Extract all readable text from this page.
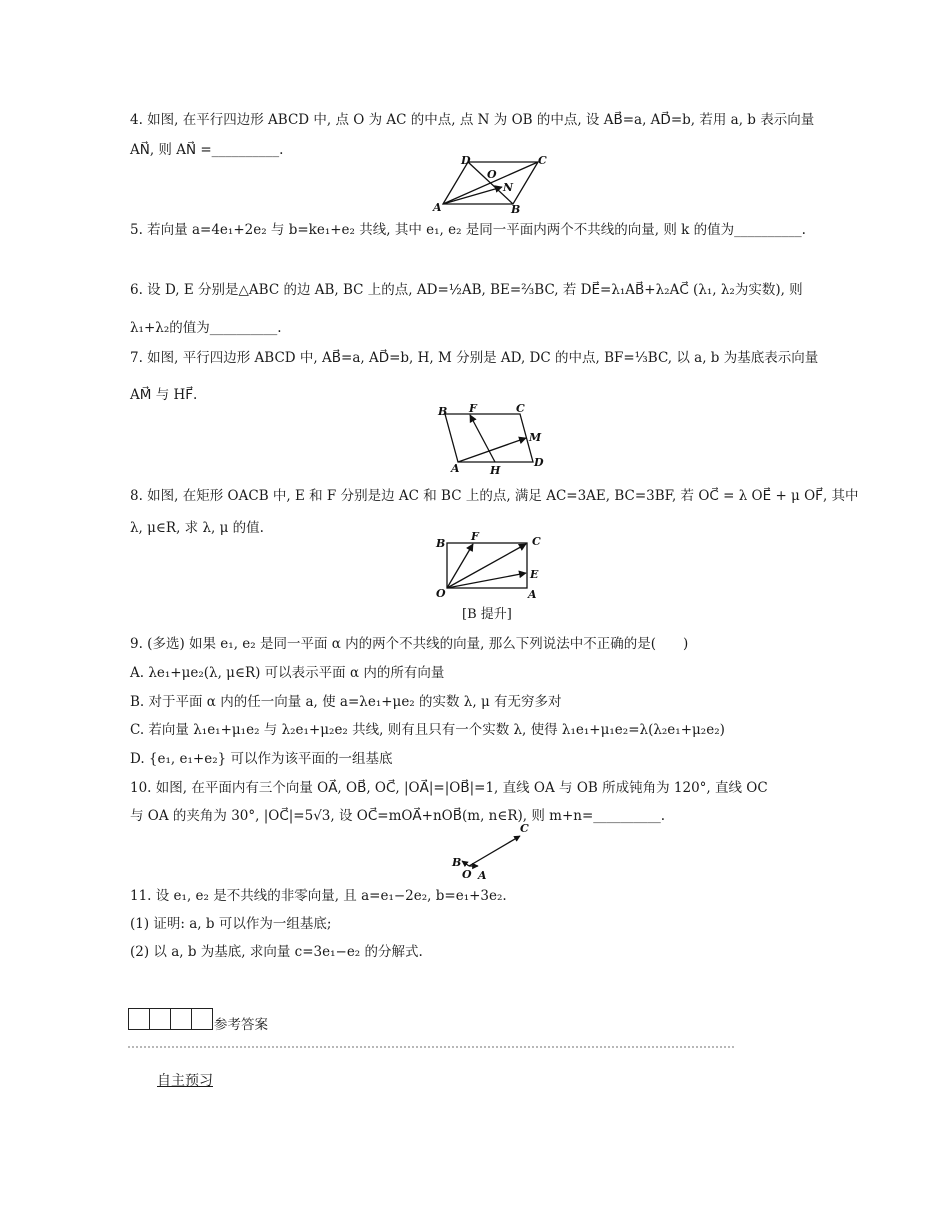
4. 如图, 在平行四边形 ABCD 中, 点 O 为 AC 的中点, 点 N 为 OB 的中点, 设 AB⃗=a, AD⃗=b, 若用 a, b 表示向量
AN⃗, 则 AN⃗ =__________.
A	B
C
D
O
N
5. 若向量 a=4e₁+2e₂ 与 b=ke₁+e₂ 共线, 其中 e₁, e₂ 是同一平面内两个不共线的向量, 则 k 的值为__________.
6. 设 D, E 分别是△ABC 的边 AB, BC 上的点, AD=½AB, BE=⅔BC, 若 DE⃗=λ₁AB⃗+λ₂AC⃗ (λ₁, λ₂为实数), 则
λ₁+λ₂的值为__________.
7. 如图, 平行四边形 ABCD 中, AB⃗=a, AD⃗=b, H, M 分别是 AD, DC 的中点, BF=⅓BC, 以 a, b 为基底表示向量
AM⃗ 与 HF⃗.
A
B	C
D
F
H
M
8. 如图, 在矩形 OACB 中, E 和 F 分别是边 AC 和 BC 上的点, 满足 AC=3AE, BC=3BF, 若 OC⃗ = λ OE⃗ + μ OF⃗, 其中
λ, μ∈R, 求 λ, μ 的值.
O	A
B	C
E
F
[B 提升]
9. (多选) 如果 e₁, e₂ 是同一平面 α 内的两个不共线的向量, 那么下列说法中不正确的是(　　)
A. λe₁+μe₂(λ, μ∈R) 可以表示平面 α 内的所有向量
B. 对于平面 α 内的任一向量 a, 使 a=λe₁+μe₂ 的实数 λ, μ 有无穷多对
C. 若向量 λ₁e₁+μ₁e₂ 与 λ₂e₁+μ₂e₂ 共线, 则有且只有一个实数 λ, 使得 λ₁e₁+μ₁e₂=λ(λ₂e₁+μ₂e₂)
D. {e₁, e₁+e₂} 可以作为该平面的一组基底
10. 如图, 在平面内有三个向量 OA⃗, OB⃗, OC⃗, |OA⃗|=|OB⃗|=1, 直线 OA 与 OB 所成钝角为 120°, 直线 OC
与 OA 的夹角为 30°, |OC⃗|=5√3, 设 OC⃗=mOA⃗+nOB⃗(m, n∈R), 则 m+n=__________.
O A
B
C
11. 设 e₁, e₂ 是不共线的非零向量, 且 a=e₁−2e₂, b=e₁+3e₂.
(1) 证明: a, b 可以作为一组基底;
(2) 以 a, b 为基底, 求向量 c=3e₁−e₂ 的分解式.
参考答案
自主预习
